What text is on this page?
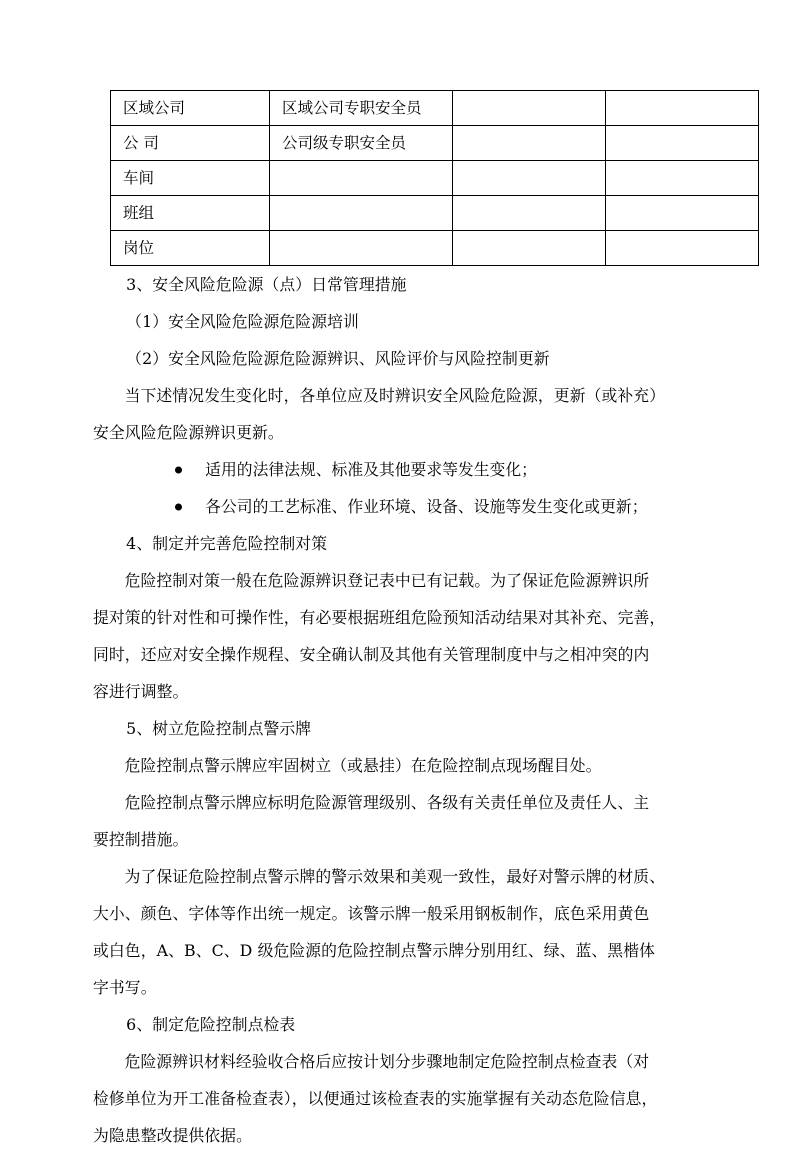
区域公司	区域公司专职安全员		
公 司	公司级专职安全员		
车间			
班组			
岗位			
3、安全风险危险源（点）日常管理措施
（1）安全风险危险源危险源培训
（2）安全风险危险源危险源辨识、风险评价与风险控制更新
当下述情况发生变化时，各单位应及时辨识安全风险危险源，更新（或补充）
安全风险危险源辨识更新。
适用的法律法规、标准及其他要求等发生变化；
各公司的工艺标准、作业环境、设备、设施等发生变化或更新；
4、制定并完善危险控制对策
危险控制对策一般在危险源辨识登记表中已有记载。为了保证危险源辨识所
提对策的针对性和可操作性，有必要根据班组危险预知活动结果对其补充、完善，
同时，还应对安全操作规程、安全确认制及其他有关管理制度中与之相冲突的内
容进行调整。
5、树立危险控制点警示牌
危险控制点警示牌应牢固树立（或悬挂）在危险控制点现场醒目处。
危险控制点警示牌应标明危险源管理级别、各级有关责任单位及责任人、主
要控制措施。
为了保证危险控制点警示牌的警示效果和美观一致性，最好对警示牌的材质、
大小、颜色、字体等作出统一规定。该警示牌一般采用钢板制作，底色采用黄色
或白色，A、B、C、D 级危险源的危险控制点警示牌分别用红、绿、蓝、黑楷体
字书写。
6、制定危险控制点检表
危险源辨识材料经验收合格后应按计划分步骤地制定危险控制点检查表（对
检修单位为开工准备检查表），以便通过该检查表的实施掌握有关动态危险信息，
为隐患整改提供依据。
